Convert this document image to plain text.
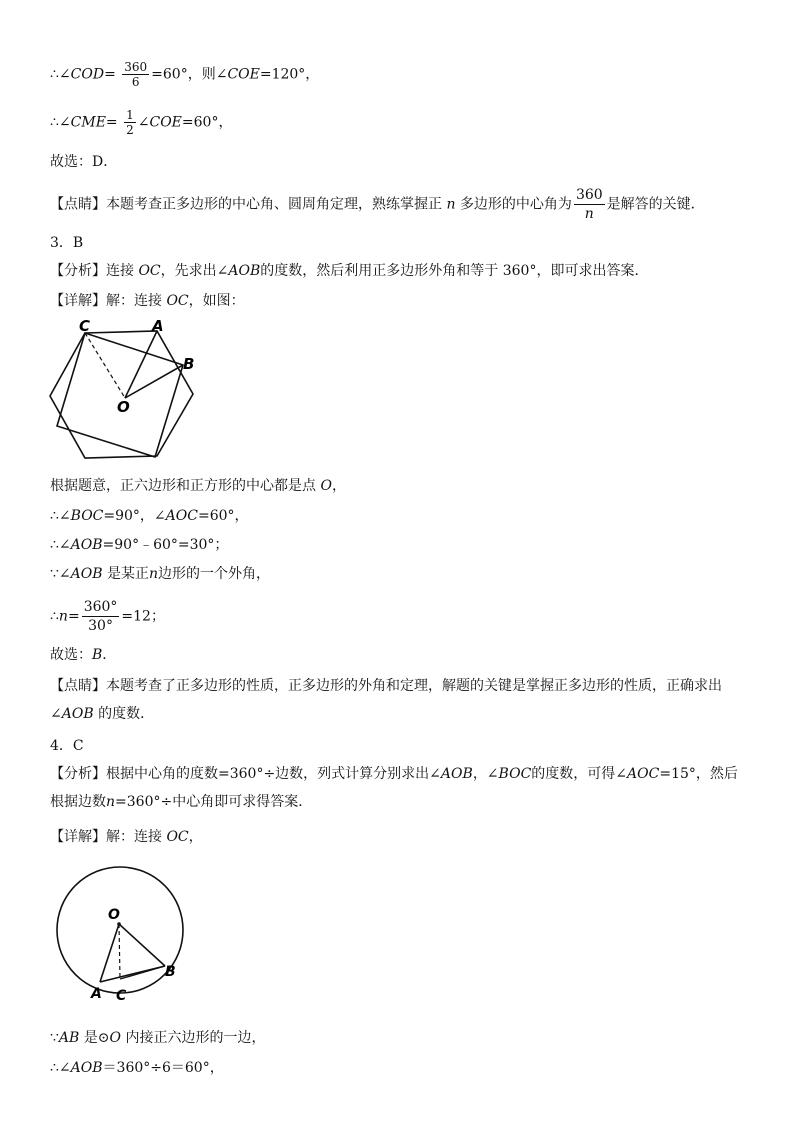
∴∠COD= $\frac{360}{6} =60^\circ$，则∠COE=120°，
∴∠CME= $\frac{1}{2}$ ∠COE=60°，
故选：D．
【点睛】本题考查正多边形的中心角、圆周角定理，熟练掌握正 n 多边形的中心角为 $\frac{360}{n}$ 是解答的关键．
3．B
【分析】连接 OC，先求出∠AOB的度数，然后利用正多边形外角和等于 360°，即可求出答案．
【详解】解：连接 OC，如图：
C	A
B
O
根据题意，正六边形和正方形的中心都是点 O，
∴∠BOC=90°，∠AOC=60°，
∴∠AOB=90°﹣60°=30°；
∵∠AOB 是某正n边形的一个外角，
∴n= $\frac{360^\circ}{30^\circ} =12$；
故选：B．
【点睛】本题考查了正多边形的性质，正多边形的外角和定理，解题的关键是掌握正多边形的性质，正确求出∠AOB 的度数．
4．C
【分析】根据中心角的度数=360°÷边数，列式计算分别求出∠AOB，∠BOC的度数，可得∠AOC=15°，然后根据边数n=360°÷中心角即可求得答案．
【详解】解：连接 OC，
O
A C
B
∵AB 是⊙O 内接正六边形的一边，
∴∠AOB＝360°÷6＝60°，
